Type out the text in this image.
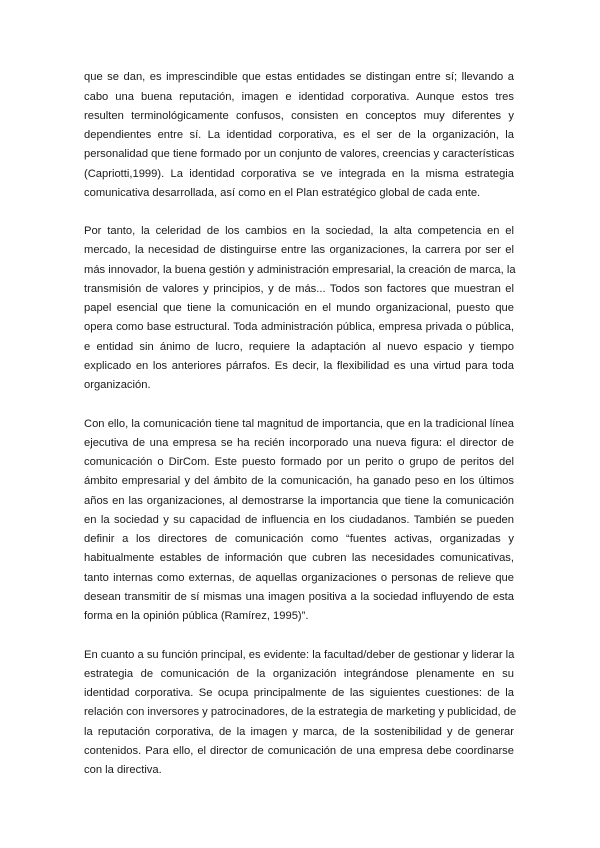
que se dan, es imprescindible que estas entidades se distingan entre sí; llevando a
cabo una buena reputación, imagen e identidad corporativa. Aunque estos tres
resulten terminológicamente confusos, consisten en conceptos muy diferentes y
dependientes entre sí. La identidad corporativa, es el ser de la organización, la
personalidad que tiene formado por un conjunto de valores, creencias y características
(Capriotti,1999). La identidad corporativa se ve integrada en la misma estrategia
comunicativa desarrollada, así como en el Plan estratégico global de cada ente.
Por tanto, la celeridad de los cambios en la sociedad, la alta competencia en el
mercado, la necesidad de distinguirse entre las organizaciones, la carrera por ser el
más innovador, la buena gestión y administración empresarial, la creación de marca, la
transmisión de valores y principios, y de más... Todos son factores que muestran el
papel esencial que tiene la comunicación en el mundo organizacional, puesto que
opera como base estructural. Toda administración pública, empresa privada o pública,
e entidad sin ánimo de lucro, requiere la adaptación al nuevo espacio y tiempo
explicado en los anteriores párrafos. Es decir, la flexibilidad es una virtud para toda
organización.
Con ello, la comunicación tiene tal magnitud de importancia, que en la tradicional línea
ejecutiva de una empresa se ha recién incorporado una nueva figura: el director de
comunicación o DirCom. Este puesto formado por un perito o grupo de peritos del
ámbito empresarial y del ámbito de la comunicación, ha ganado peso en los últimos
años en las organizaciones, al demostrarse la importancia que tiene la comunicación
en la sociedad y su capacidad de influencia en los ciudadanos. También se pueden
definir a los directores de comunicación como “fuentes activas, organizadas y
habitualmente estables de información que cubren las necesidades comunicativas,
tanto internas como externas, de aquellas organizaciones o personas de relieve que
desean transmitir de sí mismas una imagen positiva a la sociedad influyendo de esta
forma en la opinión pública (Ramírez, 1995)”.
En cuanto a su función principal, es evidente: la facultad/deber de gestionar y liderar la
estrategia de comunicación de la organización integrándose plenamente en su
identidad corporativa. Se ocupa principalmente de las siguientes cuestiones: de la
relación con inversores y patrocinadores, de la estrategia de marketing y publicidad, de
la reputación corporativa, de la imagen y marca, de la sostenibilidad y de generar
contenidos. Para ello, el director de comunicación de una empresa debe coordinarse
con la directiva.
